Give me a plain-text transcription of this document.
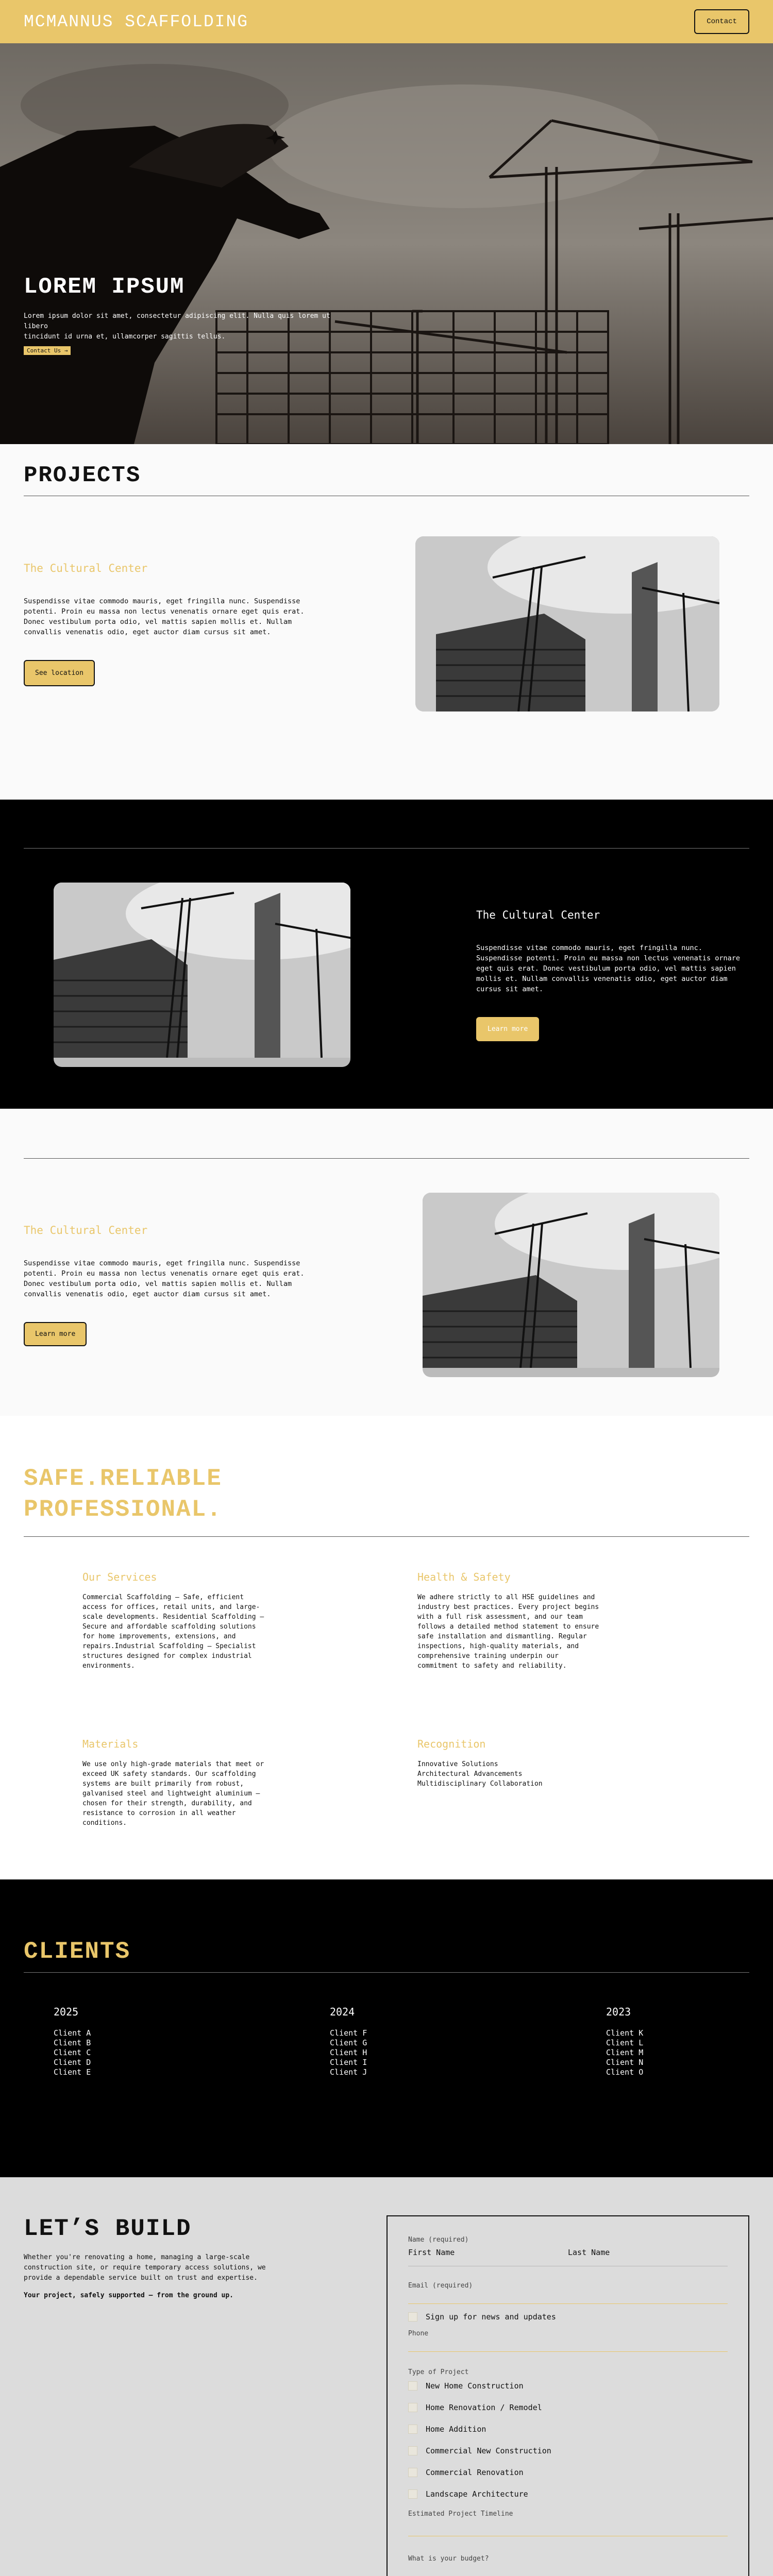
MCMANNUS SCAFFOLDING	Contact
LOREM IPSUM
Lorem ipsum dolor sit amet, consectetur adipiscing elit. Nulla quis lorem ut libero
tincidunt id urna et, ullamcorper sagittis tellus.
Contact Us →
PROJECTS
The Cultural Center
Suspendisse vitae commodo mauris, eget fringilla nunc. Suspendisse potenti. Proin eu massa non lectus venenatis ornare eget quis erat. Donec vestibulum porta odio, vel mattis sapien mollis et. Nullam convallis venenatis odio, eget auctor diam cursus sit amet.
See location
The Cultural Center
Suspendisse vitae commodo mauris, eget fringilla nunc. Suspendisse potenti. Proin eu massa non lectus venenatis ornare eget quis erat. Donec vestibulum porta odio, vel mattis sapien mollis et. Nullam convallis venenatis odio, eget auctor diam cursus sit amet.
Learn more
The Cultural Center
Suspendisse vitae commodo mauris, eget fringilla nunc. Suspendisse potenti. Proin eu massa non lectus venenatis ornare eget quis erat. Donec vestibulum porta odio, vel mattis sapien mollis et. Nullam convallis venenatis odio, eget auctor diam cursus sit amet.
Learn more
SAFE.RELIABLE
PROFESSIONAL.
Our Services
Commercial Scaffolding – Safe, efficient access for offices, retail units, and large-scale developments. Residential Scaffolding – Secure and affordable scaffolding solutions for home improvements, extensions, and repairs.Industrial Scaffolding – Specialist structures designed for complex industrial environments.
Health & Safety
We adhere strictly to all HSE guidelines and industry best practices. Every project begins with a full risk assessment, and our team follows a detailed method statement to ensure safe installation and dismantling. Regular inspections, high-quality materials, and comprehensive training underpin our commitment to safety and reliability.
Materials
We use only high-grade materials that meet or exceed UK safety standards. Our scaffolding systems are built primarily from robust, galvanised steel and lightweight aluminium – chosen for their strength, durability, and resistance to corrosion in all weather conditions.
Recognition
Innovative Solutions
Architectural Advancements
Multidisciplinary Collaboration
CLIENTS
2025
Client A
Client B
Client C
Client D
Client E
2024
Client F
Client G
Client H
Client I
Client J
2023
Client K
Client L
Client M
Client N
Client O
LET’S BUILD
Whether you're renovating a home, managing a large-scale construction site, or require temporary access solutions, we provide a dependable service built on trust and expertise.
Your project, safely supported – from the ground up.
Name (required)
First Name	Last Name
Email (required)
Sign up for news and updates
Phone
Type of Project
New Home Construction
Home Renovation / Remodel
Home Addition
Commercial New Construction
Commercial Renovation
Landscape Architecture
Estimated Project Timeline
What is your budget?
